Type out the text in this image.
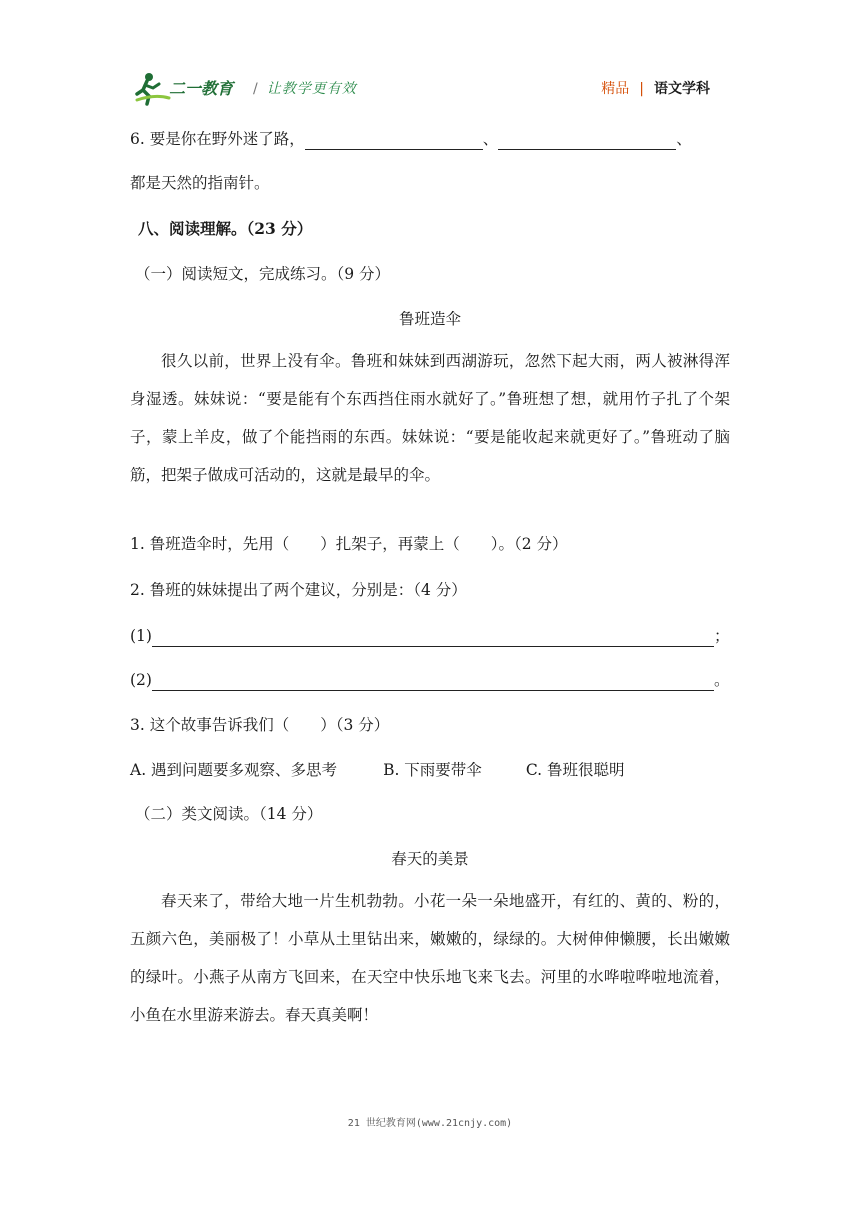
二一教育 / 让教学更有效	精品 | 语文学科
6. 要是你在野外迷了路，	、	、
都是天然的指南针。
八、阅读理解。（23 分）
（一）阅读短文，完成练习。（9 分）
鲁班造伞
很久以前，世界上没有伞。鲁班和妹妹到西湖游玩，忽然下起大雨，两人被淋得浑身湿透。妹妹说：“要是能有个东西挡住雨水就好了。”鲁班想了想，就用竹子扎了个架子，蒙上羊皮，做了个能挡雨的东西。妹妹说：“要是能收起来就更好了。”鲁班动了脑筋，把架子做成可活动的，这就是最早的伞。
1. 鲁班造伞时，先用（　　）扎架子，再蒙上（　　）。（2 分）
2. 鲁班的妹妹提出了两个建议，分别是：（4 分）
(1)	；
(2)	。
3. 这个故事告诉我们（　　）（3 分）
A. 遇到问题要多观察、多思考	B. 下雨要带伞	C. 鲁班很聪明
（二）类文阅读。（14 分）
春天的美景
春天来了，带给大地一片生机勃勃。小花一朵一朵地盛开，有红的、黄的、粉的，五颜六色，美丽极了！小草从土里钻出来，嫩嫩的，绿绿的。大树伸伸懒腰，长出嫩嫩的绿叶。小燕子从南方飞回来，在天空中快乐地飞来飞去。河里的水哗啦哗啦地流着，小鱼在水里游来游去。春天真美啊！
21 世纪教育网(www.21cnjy.com)
